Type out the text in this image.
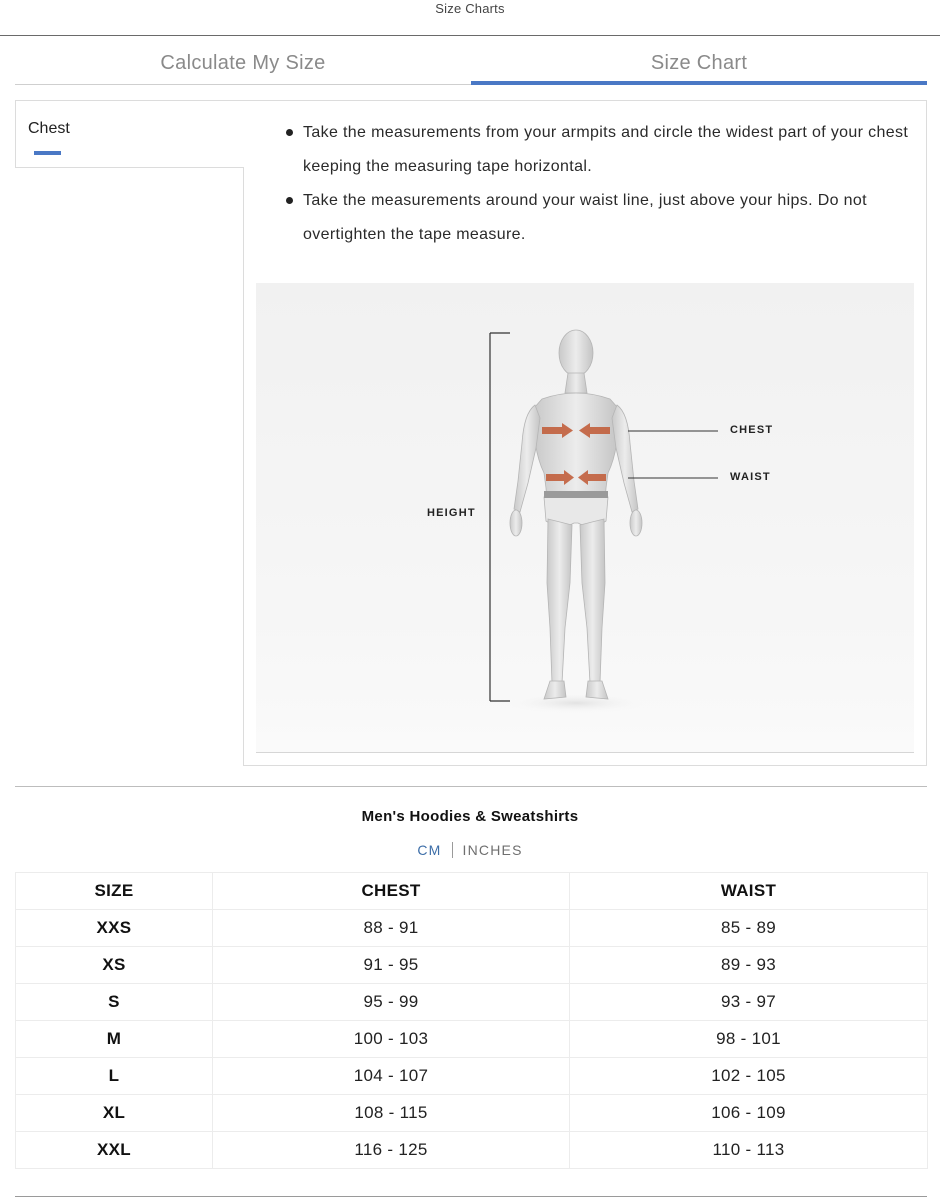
Size Charts
Calculate My Size	Size Chart
Chest	Take the measurements from your armpits and circle the widest part of your chest keeping the measuring tape horizontal.
Take the measurements around your waist line, just above your hips. Do not overtighten the tape measure.
HEIGHT
CHEST
WAIST
Men's Hoodies & Sweatshirts
CM INCHES
SIZE	CHEST	WAIST
XXS	88 - 91	85 - 89
XS	91 - 95	89 - 93
S	95 - 99	93 - 97
M	100 - 103	98 - 101
L	104 - 107	102 - 105
XL	108 - 115	106 - 109
XXL	116 - 125	110 - 113
